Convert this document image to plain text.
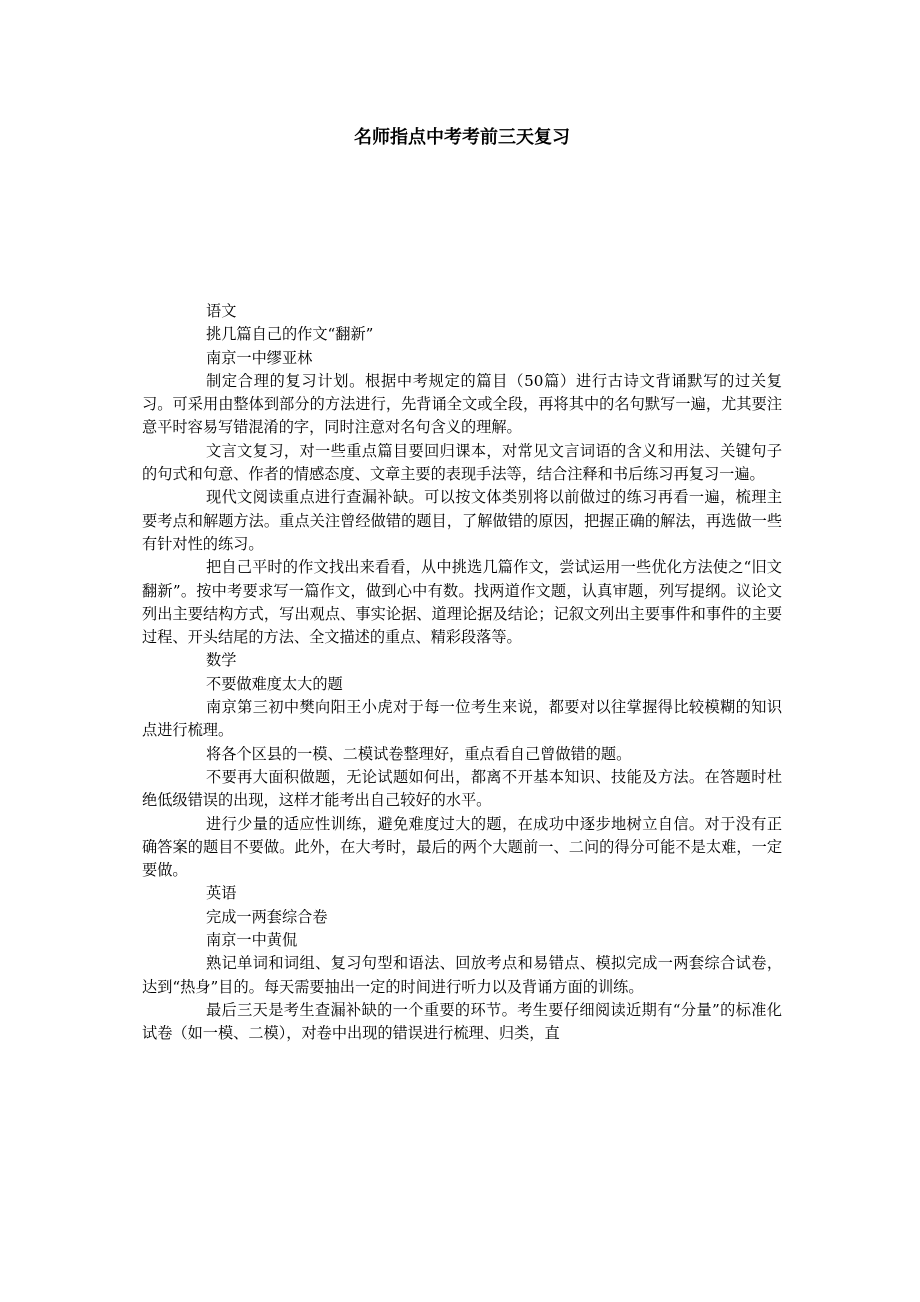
名师指点中考考前三天复习

语文

挑几篇自己的作文“翻新”

南京一中缪亚林

制定合理的复习计划。根据中考规定的篇目（50篇）进行古诗文背诵默写的过关复习。可采用由整体到部分的方法进行，先背诵全文或全段，再将其中的名句默写一遍，尤其要注意平时容易写错混淆的字，同时注意对名句含义的理解。

文言文复习，对一些重点篇目要回归课本，对常见文言词语的含义和用法、关键句子的句式和句意、作者的情感态度、文章主要的表现手法等，结合注释和书后练习再复习一遍。

现代文阅读重点进行查漏补缺。可以按文体类别将以前做过的练习再看一遍，梳理主要考点和解题方法。重点关注曾经做错的题目，了解做错的原因，把握正确的解法，再选做一些有针对性的练习。

把自己平时的作文找出来看看，从中挑选几篇作文，尝试运用一些优化方法使之“旧文翻新”。按中考要求写一篇作文，做到心中有数。找两道作文题，认真审题，列写提纲。议论文列出主要结构方式，写出观点、事实论据、道理论据及结论；记叙文列出主要事件和事件的主要过程、开头结尾的方法、全文描述的重点、精彩段落等。

数学

不要做难度太大的题

南京第三初中樊向阳王小虎对于每一位考生来说，都要对以往掌握得比较模糊的知识点进行梳理。

将各个区县的一模、二模试卷整理好，重点看自己曾做错的题。

不要再大面积做题，无论试题如何出，都离不开基本知识、技能及方法。在答题时杜绝低级错误的出现，这样才能考出自己较好的水平。

进行少量的适应性训练，避免难度过大的题，在成功中逐步地树立自信。对于没有正确答案的题目不要做。此外，在大考时，最后的两个大题前一、二问的得分可能不是太难，一定要做。

英语

完成一两套综合卷

南京一中黄侃

熟记单词和词组、复习句型和语法、回放考点和易错点、模拟完成一两套综合试卷，达到“热身”目的。每天需要抽出一定的时间进行听力以及背诵方面的训练。

最后三天是考生查漏补缺的一个重要的环节。考生要仔细阅读近期有“分量”的标准化试卷（如一模、二模），对卷中出现的错误进行梳理、归类，直
